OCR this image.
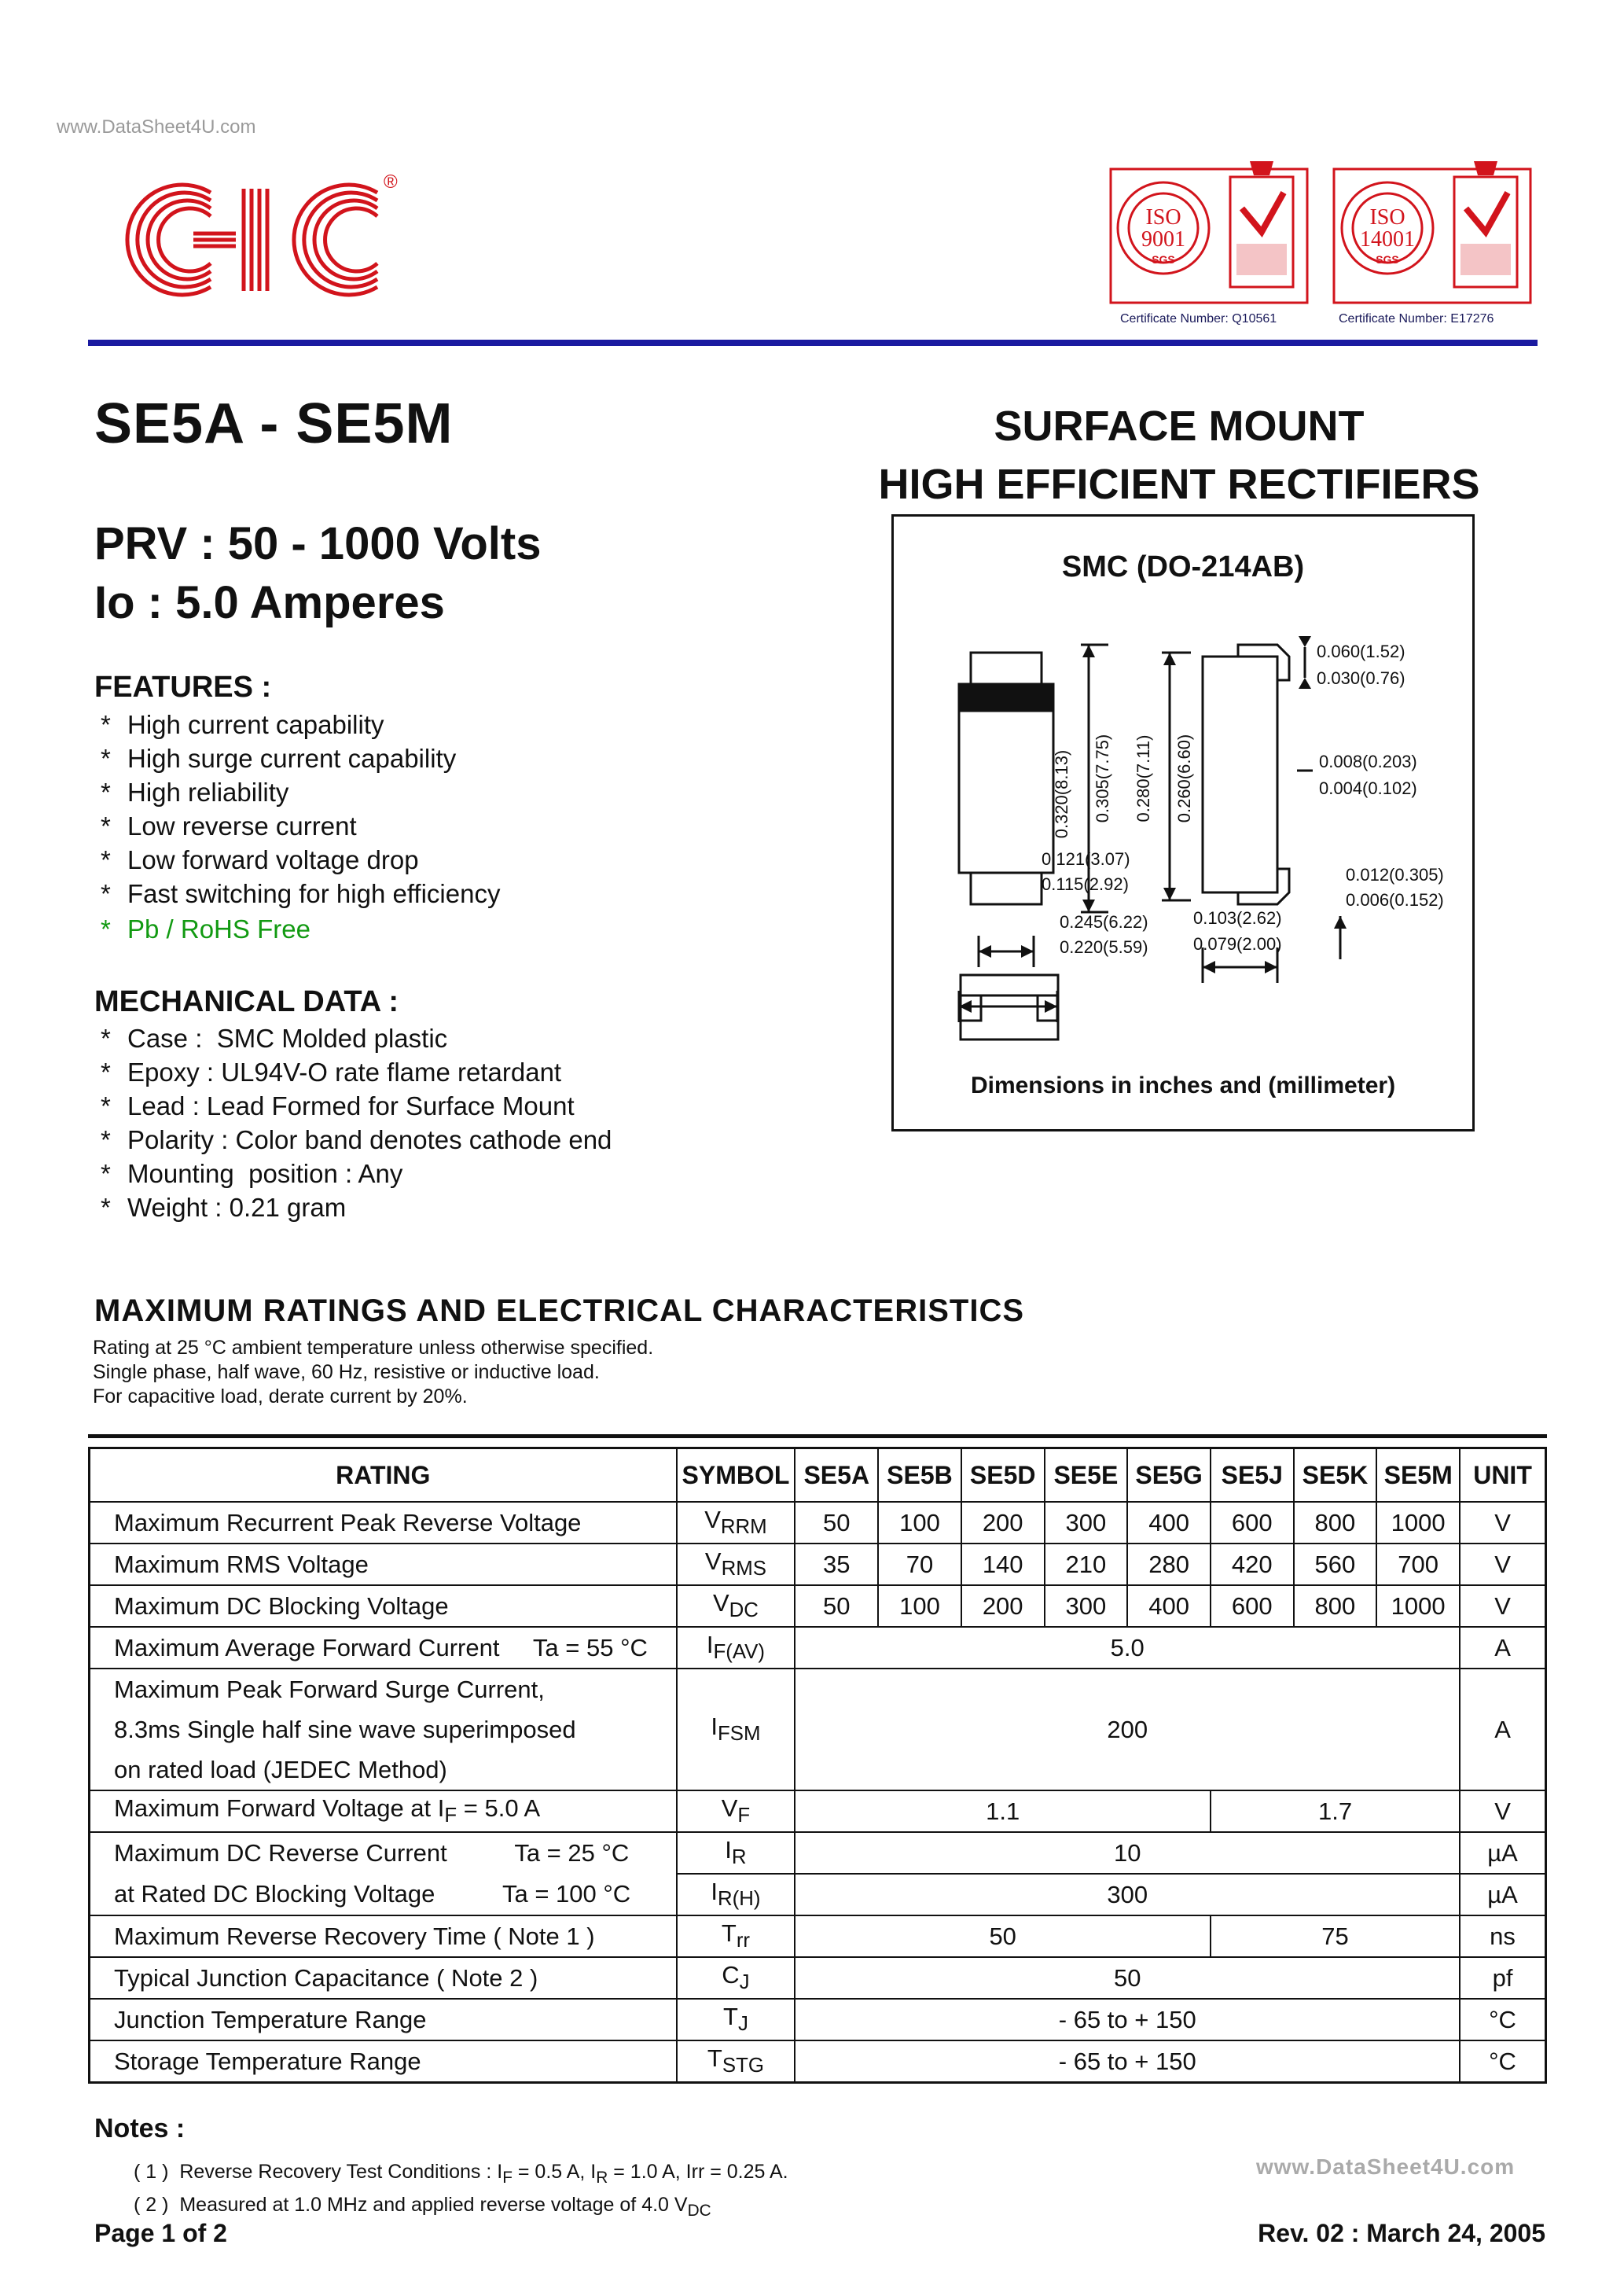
www.DataSheet4U.com
®
ISO
9001
SGS
ISO
14001
SGS
Certificate Number: Q10561	Certificate Number: E17276
SE5A - SE5M	SURFACE MOUNT
HIGH EFFICIENT RECTIFIERS
PRV : 50 - 1000 Volts
Io : 5.0 Amperes
FEATURES :
* High current capability
* High surge current capability
* High reliability
* Low reverse current
* Low forward voltage drop
* Fast switching for high efficiency
* Pb / RoHS Free
MECHANICAL DATA :
* Case :  SMC Molded plastic
* Epoxy : UL94V-O rate flame retardant
* Lead : Lead Formed for Surface Mount
* Polarity : Color band denotes cathode end
* Mounting  position : Any
* Weight : 0.21 gram
SMC (DO-214AB)
0.320(8.13) 0.305(7.75) 0.280(7.11) 0.260(6.60)
0.060(1.52)
0.030(0.76)
0.008(0.203)
0.004(0.102)
0.121(3.07)
0.115(2.92)	0.012(0.305)
0.006(0.152)
0.245(6.22)
0.220(5.59)
0.103(2.62)
0.079(2.00)
Dimensions in inches and (millimeter)
MAXIMUM RATINGS AND ELECTRICAL CHARACTERISTICS
Rating at 25 °C ambient temperature unless otherwise specified.
Single phase, half wave, 60 Hz, resistive or inductive load.
For capacitive load, derate current by 20%.
RATING	SYMBOL	SE5A	SE5B	SE5D	SE5E	SE5G	SE5J	SE5K	SE5M	UNIT
Maximum Recurrent Peak Reverse Voltage	$V_{RRM}$	50	100	200	300	400	600	800	1000	V
Maximum RMS Voltage	$V_{RMS}$	35	70	140	210	280	420	560	700	V
Maximum DC Blocking Voltage	$V_{DC}$	50	100	200	300	400	600	800	1000	V
Maximum Average Forward Current     Ta = 55 °C	$I_{F(AV)}$	5.0								A

Maximum Peak Forward Surge Current,
8.3ms Single half sine wave superimposed
on rated load (JEDEC Method)	$I_{FSM}$	200								A
Maximum Forward Voltage at $I_F = 5.0$ A	$V_F$	1.1					1.7			V
Maximum DC Reverse Current          Ta = 25 °C	$I_R$	10								µA
at Rated DC Blocking Voltage          Ta = 100 °C	$I_{R(H)}$	300								µA
Maximum Reverse Recovery Time ( Note 1 )	$T_{rr}$	50					75			ns
Typical Junction Capacitance ( Note 2 )	$C_J$	50								pf
Junction Temperature Range	$T_J$	- 65 to + 150								°C
Storage Temperature Range	$T_{STG}$	- 65 to + 150								°C
Notes :
( 1 ) Reverse Recovery Test Conditions : $I_F = 0.5$ A, $I_R = 1.0$ A, Irr = 0.25 A.
( 2 ) Measured at 1.0 MHz and applied reverse voltage of 4.0 $V_{DC}$
www.DataSheet4U.com
Page 1 of 2	Rev. 02 : March 24, 2005
